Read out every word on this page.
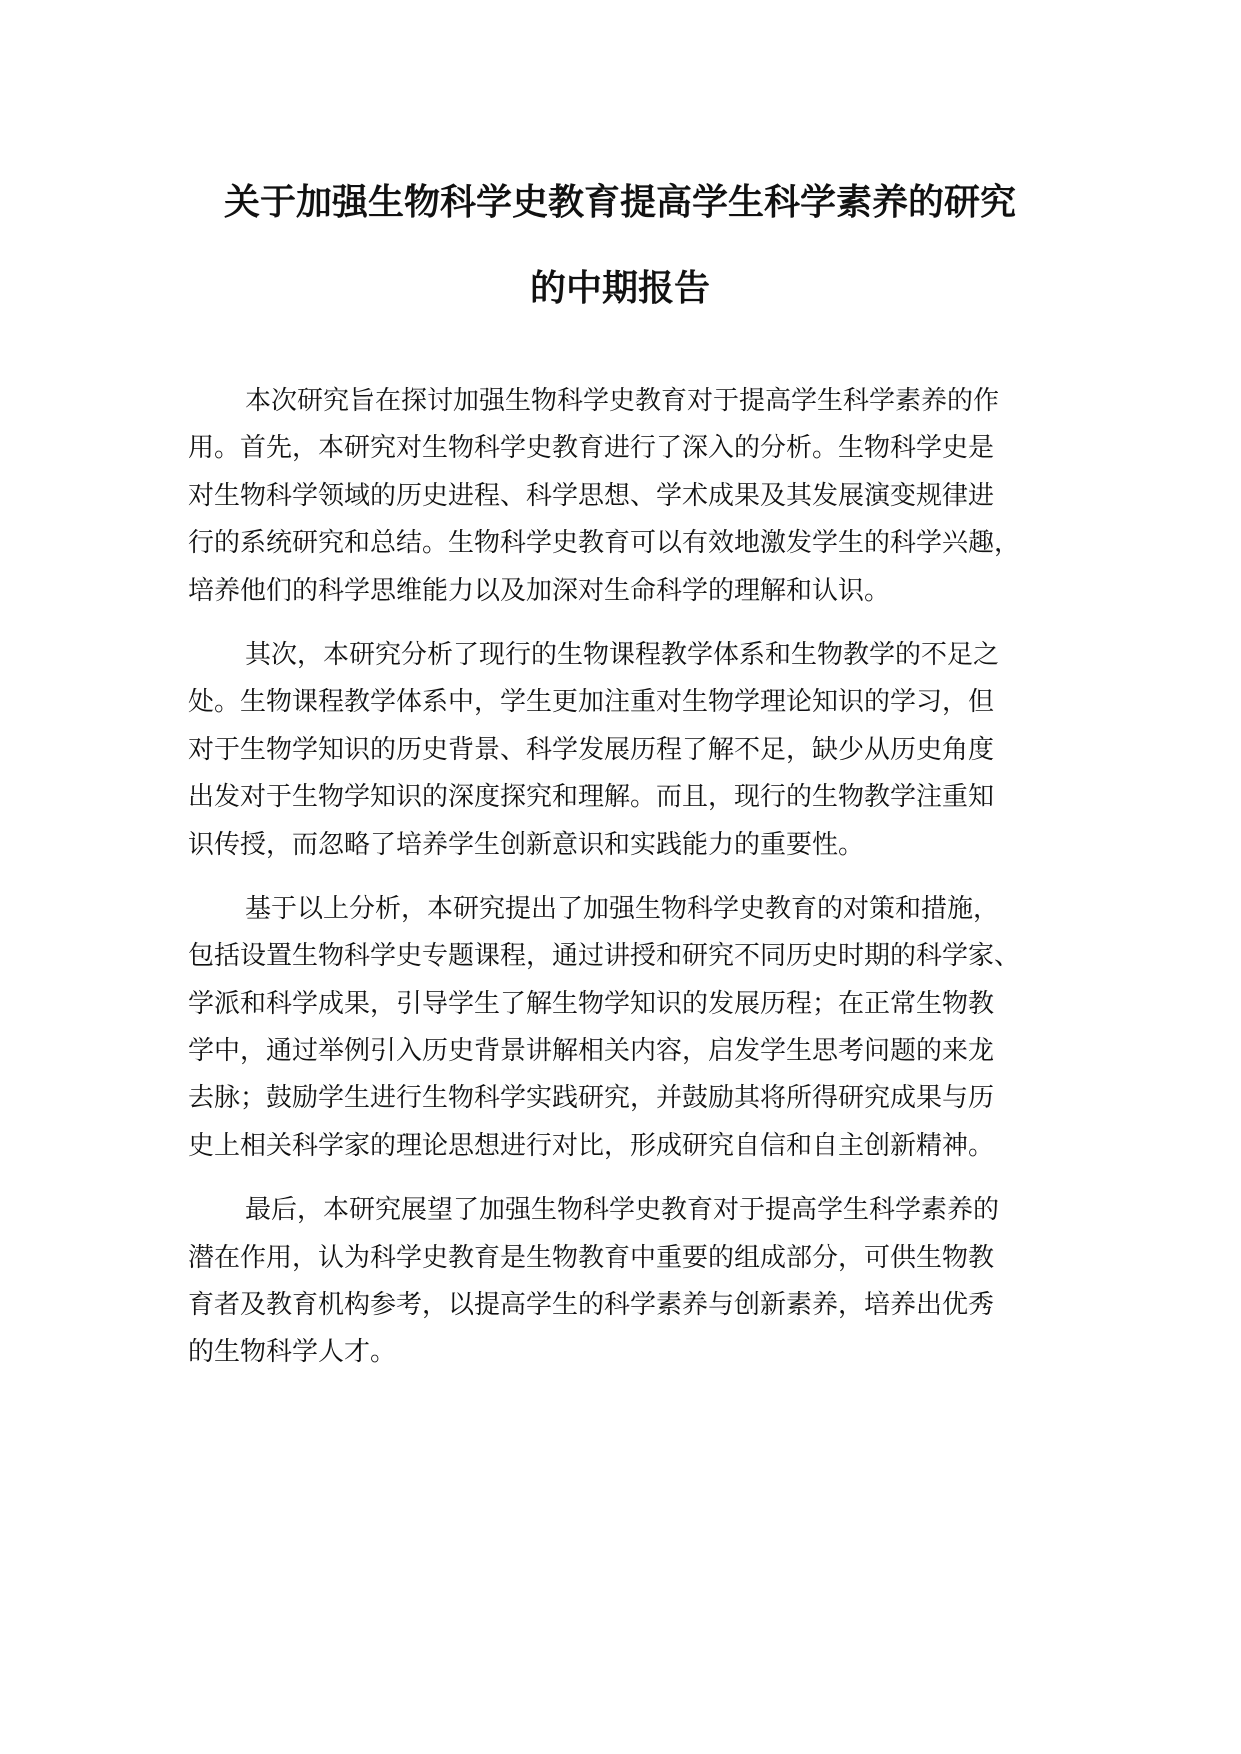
关于加强生物科学史教育提高学生科学素养的研究
的中期报告
本次研究旨在探讨加强生物科学史教育对于提高学生科学素养的作
用。首先，本研究对生物科学史教育进行了深入的分析。生物科学史是
对生物科学领域的历史进程、科学思想、学术成果及其发展演变规律进
行的系统研究和总结。生物科学史教育可以有效地激发学生的科学兴趣，
培养他们的科学思维能力以及加深对生命科学的理解和认识。
其次，本研究分析了现行的生物课程教学体系和生物教学的不足之
处。生物课程教学体系中，学生更加注重对生物学理论知识的学习，但
对于生物学知识的历史背景、科学发展历程了解不足，缺少从历史角度
出发对于生物学知识的深度探究和理解。而且，现行的生物教学注重知
识传授，而忽略了培养学生创新意识和实践能力的重要性。
基于以上分析，本研究提出了加强生物科学史教育的对策和措施，
包括设置生物科学史专题课程，通过讲授和研究不同历史时期的科学家、
学派和科学成果，引导学生了解生物学知识的发展历程；在正常生物教
学中，通过举例引入历史背景讲解相关内容，启发学生思考问题的来龙
去脉；鼓励学生进行生物科学实践研究，并鼓励其将所得研究成果与历
史上相关科学家的理论思想进行对比，形成研究自信和自主创新精神。
最后，本研究展望了加强生物科学史教育对于提高学生科学素养的
潜在作用，认为科学史教育是生物教育中重要的组成部分，可供生物教
育者及教育机构参考，以提高学生的科学素养与创新素养，培养出优秀
的生物科学人才。
